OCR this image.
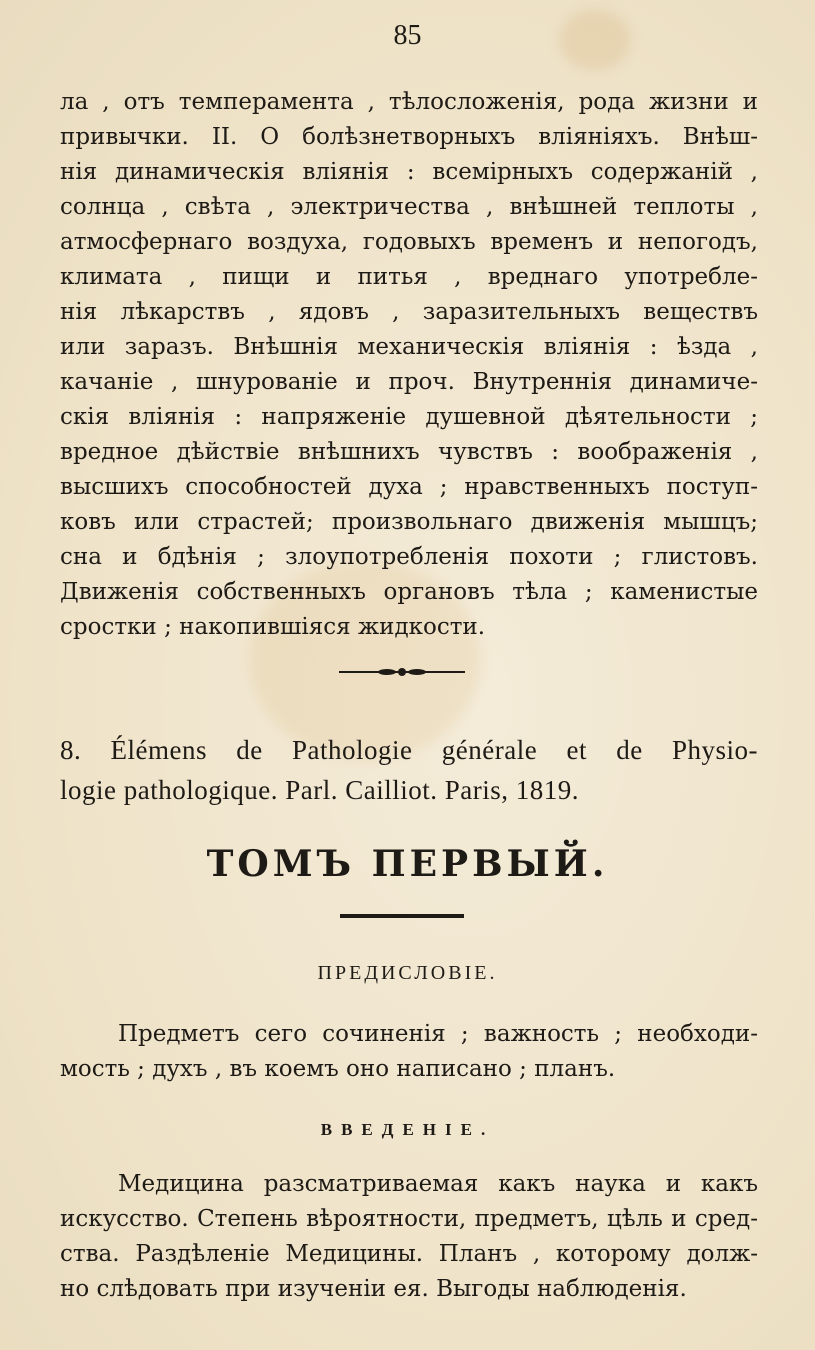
85
ла , отъ темперамента , тѣлосложенія, рода жизни и
привычки. II. О болѣзнетворныхъ вліяніяхъ. Внѣш-
нія динамическія вліянія : всемірныхъ содержаній ,
солнца , свѣта , электричества , внѣшней теплоты ,
атмосфернаго воздуха, годовыхъ временъ и непогодъ,
климата , пищи и питья , вреднаго употребле-
нія лѣкарствъ , ядовъ , заразительныхъ веществъ
или заразъ. Внѣшнія механическія вліянія : ѣзда ,
качаніе , шнурованіе и проч. Внутреннія динамиче-
скія вліянія : напряженіе душевной дѣятельности ;
вредное дѣйствіе внѣшнихъ чувствъ : воображенія ,
высшихъ способностей духа ; нравственныхъ поступ-
ковъ или страстей; произвольнаго движенія мышцъ;
сна и бдѣнія ; злоупотребленія похоти ; глистовъ.
Движенія собственныхъ органовъ тѣла ; каменистые
сростки ; накопившіяся жидкости.
8. Élémens de Pathologie générale et de Physio-
logie pathologique. Parl. Cailliot. Paris, 1819.
ТОМЪ ПЕРВЫЙ.
ПРЕДИСЛОВІЕ.
Предметъ сего сочиненія ; важность ; необходи-
мость ; духъ , въ коемъ оно написано ; планъ.
ВВЕДЕНІЕ.
Медицина разсматриваемая какъ наука и какъ
искусство. Степень вѣроятности, предметъ, цѣль и сред-
ства. Раздѣленіе Медицины. Планъ , которому долж-
но слѣдовать при изученіи ея. Выгоды наблюденія.
